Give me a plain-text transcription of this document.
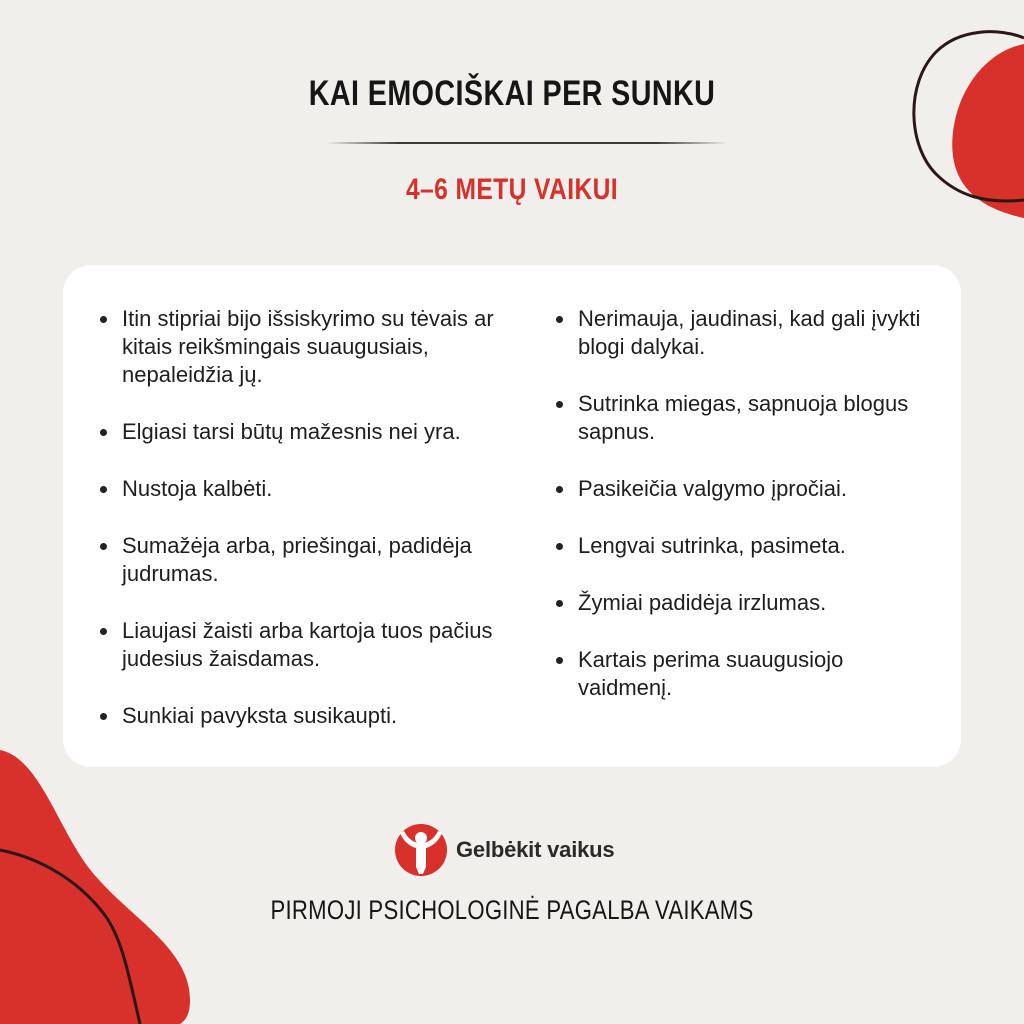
KAI EMOCIŠKAI PER SUNKU
4–6 METŲ VAIKUI
Itin stipriai bijo išsiskyrimo su tėvais ar kitais reikšmingais suaugusiais, nepaleidžia jų.
Elgiasi tarsi būtų mažesnis nei yra.
Nustoja kalbėti.
Sumažėja arba, priešingai, padidėja judrumas.
Liaujasi žaisti arba kartoja tuos pačius judesius žaisdamas.
Sunkiai pavyksta susikaupti.
Nerimauja, jaudinasi, kad gali įvykti blogi dalykai.
Sutrinka miegas, sapnuoja blogus sapnus.
Pasikeičia valgymo įpročiai.
Lengvai sutrinka, pasimeta.
Žymiai padidėja irzlumas.
Kartais perima suaugusiojo vaidmenį.
Gelbėkit vaikus

PIRMOJI PSICHOLOGINĖ PAGALBA VAIKAMS
